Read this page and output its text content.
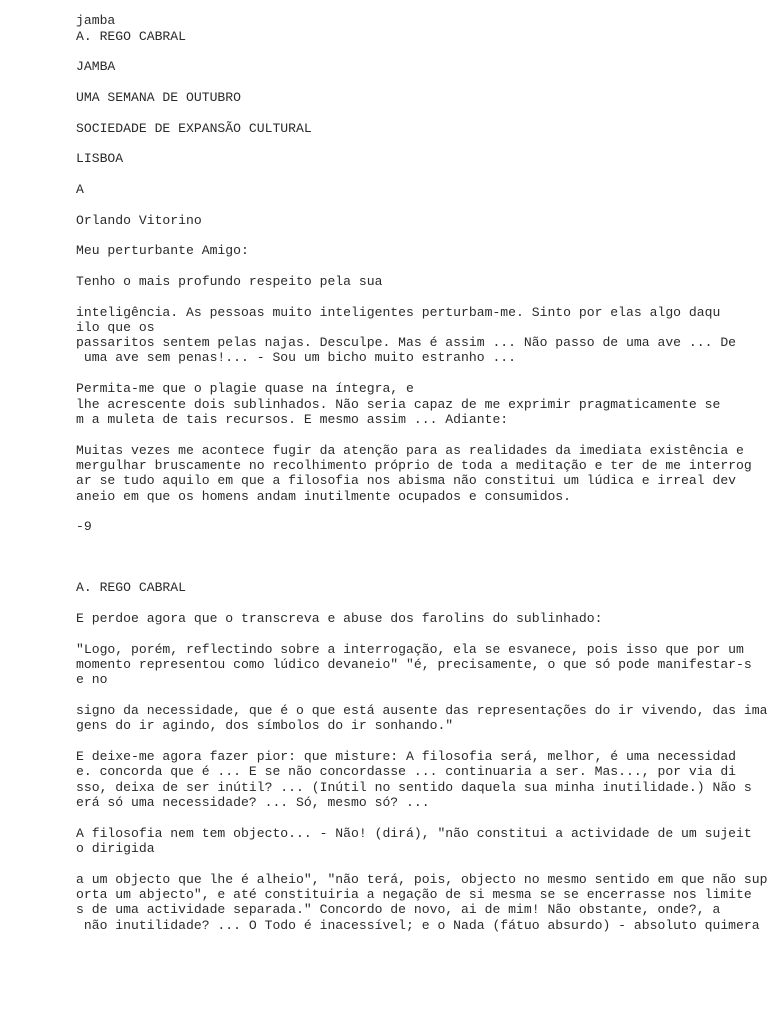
jamba

A. REGO CABRAL

JAMBA

UMA SEMANA DE OUTUBRO

SOCIEDADE DE EXPANSÃO CULTURAL

LISBOA

A

Orlando Vitorino

Meu perturbante Amigo:

Tenho o mais profundo respeito pela sua

inteligência. As pessoas muito inteligentes perturbam-me. Sinto por elas algo daqu

ilo que os

passaritos sentem pelas najas. Desculpe. Mas é assim ... Não passo de uma ave ... De

uma ave sem penas!... - Sou um bicho muito estranho ...

Permita-me que o plagie quase na íntegra, e

lhe acrescente dois sublinhados. Não seria capaz de me exprimir pragmaticamente se

m a muleta de tais recursos. E mesmo assim ... Adiante:

Muitas vezes me acontece fugir da atenção para as realidades da imediata existência e

mergulhar bruscamente no recolhimento próprio de toda a meditação e ter de me interrog

ar se tudo aquilo em que a filosofia nos abisma não constitui um lúdica e irreal dev

aneio em que os homens andam inutilmente ocupados e consumidos.

-9

A. REGO CABRAL

E perdoe agora que o transcreva e abuse dos farolins do sublinhado:

"Logo, porém, reflectindo sobre a interrogação, ela se esvanece, pois isso que por um

momento representou como lúdico devaneio" "é, precisamente, o que só pode manifestar-s

e no

signo da necessidade, que é o que está ausente das representações do ir vivendo, das ima

gens do ir agindo, dos símbolos do ir sonhando."

E deixe-me agora fazer pior: que misture: A filosofia será, melhor, é uma necessidad

e. concorda que é ... E se não concordasse ... continuaria a ser. Mas..., por via di

sso, deixa de ser inútil? ... (Inútil no sentido daquela sua minha inutilidade.) Não s

erá só uma necessidade? ... Só, mesmo só? ...

A filosofia nem tem objecto... - Não! (dirá), "não constitui a actividade de um sujeit

o dirigida

a um objecto que lhe é alheio", "não terá, pois, objecto no mesmo sentido em que não sup

orta um abjecto", e até constituiria a negação de si mesma se se encerrasse nos limite

s de uma actividade separada." Concordo de novo, ai de mim! Não obstante, onde?, a

não inutilidade? ... O Todo é inacessível; e o Nada (fátuo absurdo) - absoluto quimera
